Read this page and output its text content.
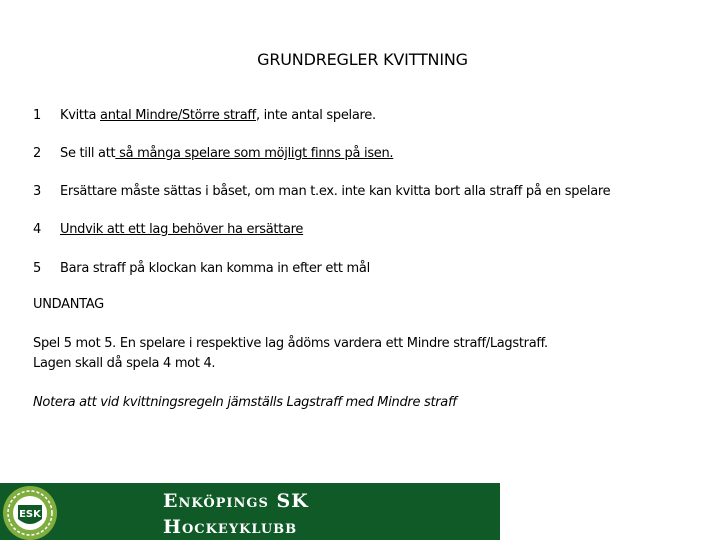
GRUNDREGLER KVITTNING
1 Kvitta antal Mindre/Större straff, inte antal spelare.
2 Se till att så många spelare som möjligt finns på isen.
3 Ersättare måste sättas i båset, om man t.ex. inte kan kvitta bort alla straff på en spelare
4 Undvik att ett lag behöver ha ersättare
5 Bara straff på klockan kan komma in efter ett mål
UNDANTAG
Spel 5 mot 5. En spelare i respektive lag ådöms vardera ett Mindre straff/Lagstraff.
Lagen skall då spela 4 mot 4.
Notera att vid kvittningsregeln jämställs Lagstraff med Mindre straff
ESK
Enköpings SK
Hockeyklubb
